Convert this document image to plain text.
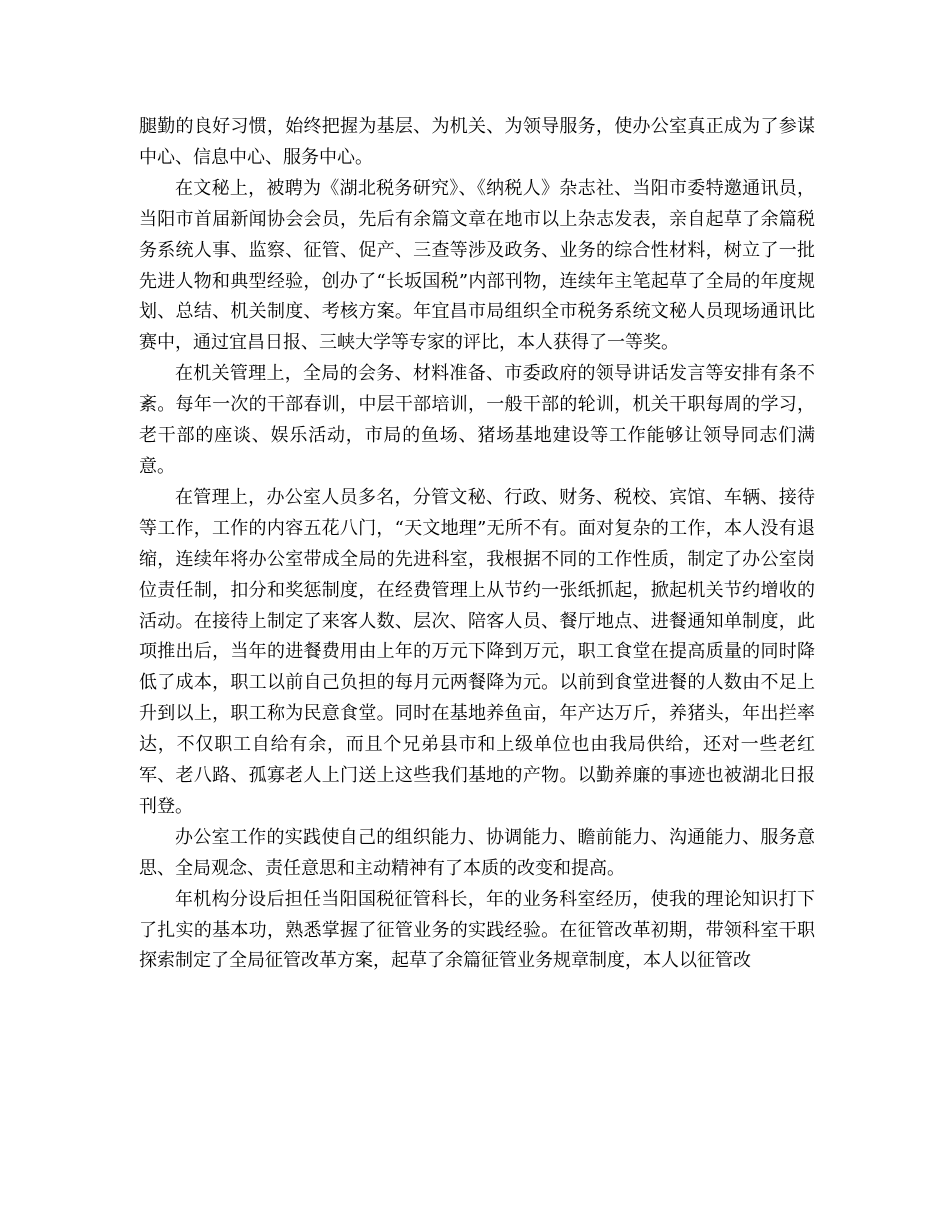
腿勤的良好习惯，始终把握为基层、为机关、为领导服务，使办公室真正成为了参谋中心、信息中心、服务中心。

在文秘上，被聘为《湖北税务研究》、《纳税人》杂志社、当阳市委特邀通讯员，当阳市首届新闻协会会员，先后有余篇文章在地市以上杂志发表，亲自起草了余篇税务系统人事、监察、征管、促产、三查等涉及政务、业务的综合性材料，树立了一批先进人物和典型经验，创办了“长坂国税”内部刊物，连续年主笔起草了全局的年度规划、总结、机关制度、考核方案。年宜昌市局组织全市税务系统文秘人员现场通讯比赛中，通过宜昌日报、三峡大学等专家的评比，本人获得了一等奖。

在机关管理上，全局的会务、材料准备、市委政府的领导讲话发言等安排有条不紊。每年一次的干部春训，中层干部培训，一般干部的轮训，机关干职每周的学习，老干部的座谈、娱乐活动，市局的鱼场、猪场基地建设等工作能够让领导同志们满意。

在管理上，办公室人员多名，分管文秘、行政、财务、税校、宾馆、车辆、接待等工作，工作的内容五花八门，“天文地理”无所不有。面对复杂的工作，本人没有退缩，连续年将办公室带成全局的先进科室，我根据不同的工作性质，制定了办公室岗位责任制，扣分和奖惩制度，在经费管理上从节约一张纸抓起，掀起机关节约增收的活动。在接待上制定了来客人数、层次、陪客人员、餐厅地点、进餐通知单制度，此项推出后，当年的进餐费用由上年的万元下降到万元，职工食堂在提高质量的同时降低了成本，职工以前自己负担的每月元两餐降为元。以前到食堂进餐的人数由不足上升到以上，职工称为民意食堂。同时在基地养鱼亩，年产达万斤，养猪头，年出拦率达，不仅职工自给有余，而且个兄弟县市和上级单位也由我局供给，还对一些老红军、老八路、孤寡老人上门送上这些我们基地的产物。以勤养廉的事迹也被湖北日报刊登。

办公室工作的实践使自己的组织能力、协调能力、瞻前能力、沟通能力、服务意思、全局观念、责任意思和主动精神有了本质的改变和提高。

年机构分设后担任当阳国税征管科长，年的业务科室经历，使我的理论知识打下了扎实的基本功，熟悉掌握了征管业务的实践经验。在征管改革初期，带领科室干职探索制定了全局征管改革方案，起草了余篇征管业务规章制度，本人以征管改
